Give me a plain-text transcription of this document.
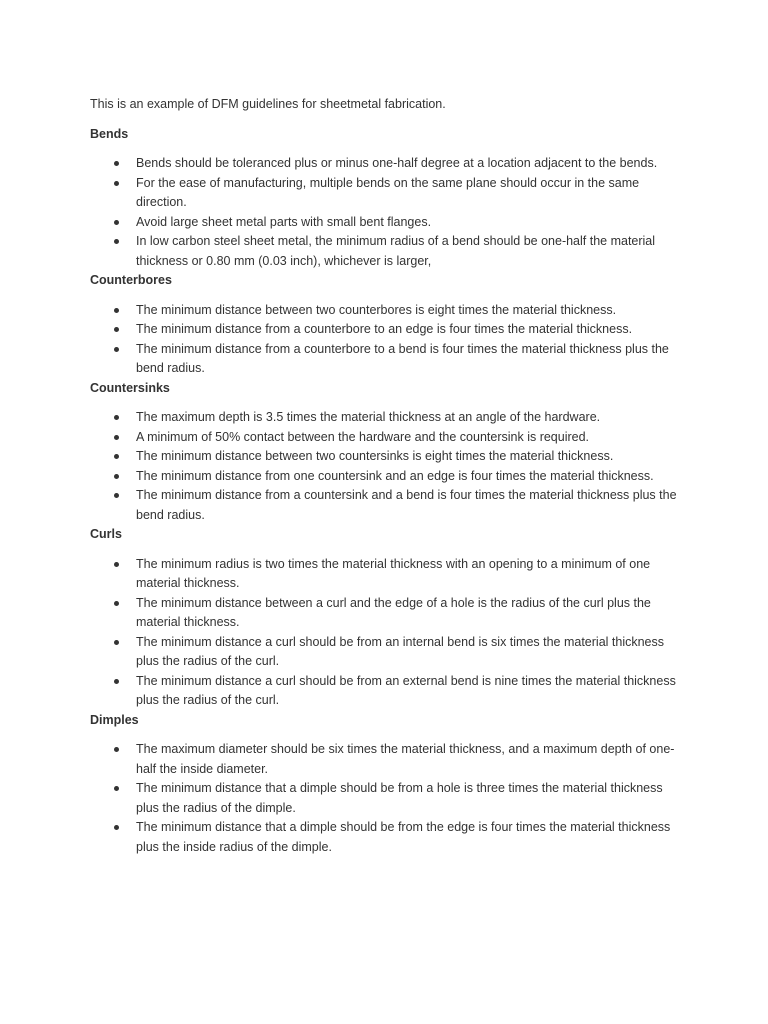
This is an example of DFM guidelines for sheetmetal fabrication.

Bends
Bends should be toleranced plus or minus one-half degree at a location adjacent to the bends.
For the ease of manufacturing, multiple bends on the same plane should occur in the same direction.
Avoid large sheet metal parts with small bent flanges.
In low carbon steel sheet metal, the minimum radius of a bend should be one-half the material thickness or 0.80 mm (0.03 inch), whichever is larger,
Counterbores
The minimum distance between two counterbores is eight times the material thickness.
The minimum distance from a counterbore to an edge is four times the material thickness.
The minimum distance from a counterbore to a bend is four times the material thickness plus the bend radius.
Countersinks
The maximum depth is 3.5 times the material thickness at an angle of the hardware.
A minimum of 50% contact between the hardware and the countersink is required.
The minimum distance between two countersinks is eight times the material thickness.
The minimum distance from one countersink and an edge is four times the material thickness.
The minimum distance from a countersink and a bend is four times the material thickness plus the bend radius.
Curls
The minimum radius is two times the material thickness with an opening to a minimum of one material thickness.
The minimum distance between a curl and the edge of a hole is the radius of the curl plus the material thickness.
The minimum distance a curl should be from an internal bend is six times the material thickness plus the radius of the curl.
The minimum distance a curl should be from an external bend is nine times the material thickness plus the radius of the curl.
Dimples
The maximum diameter should be six times the material thickness, and a maximum depth of one-half the inside diameter.
The minimum distance that a dimple should be from a hole is three times the material thickness plus the radius of the dimple.
The minimum distance that a dimple should be from the edge is four times the material thickness plus the inside radius of the dimple.
